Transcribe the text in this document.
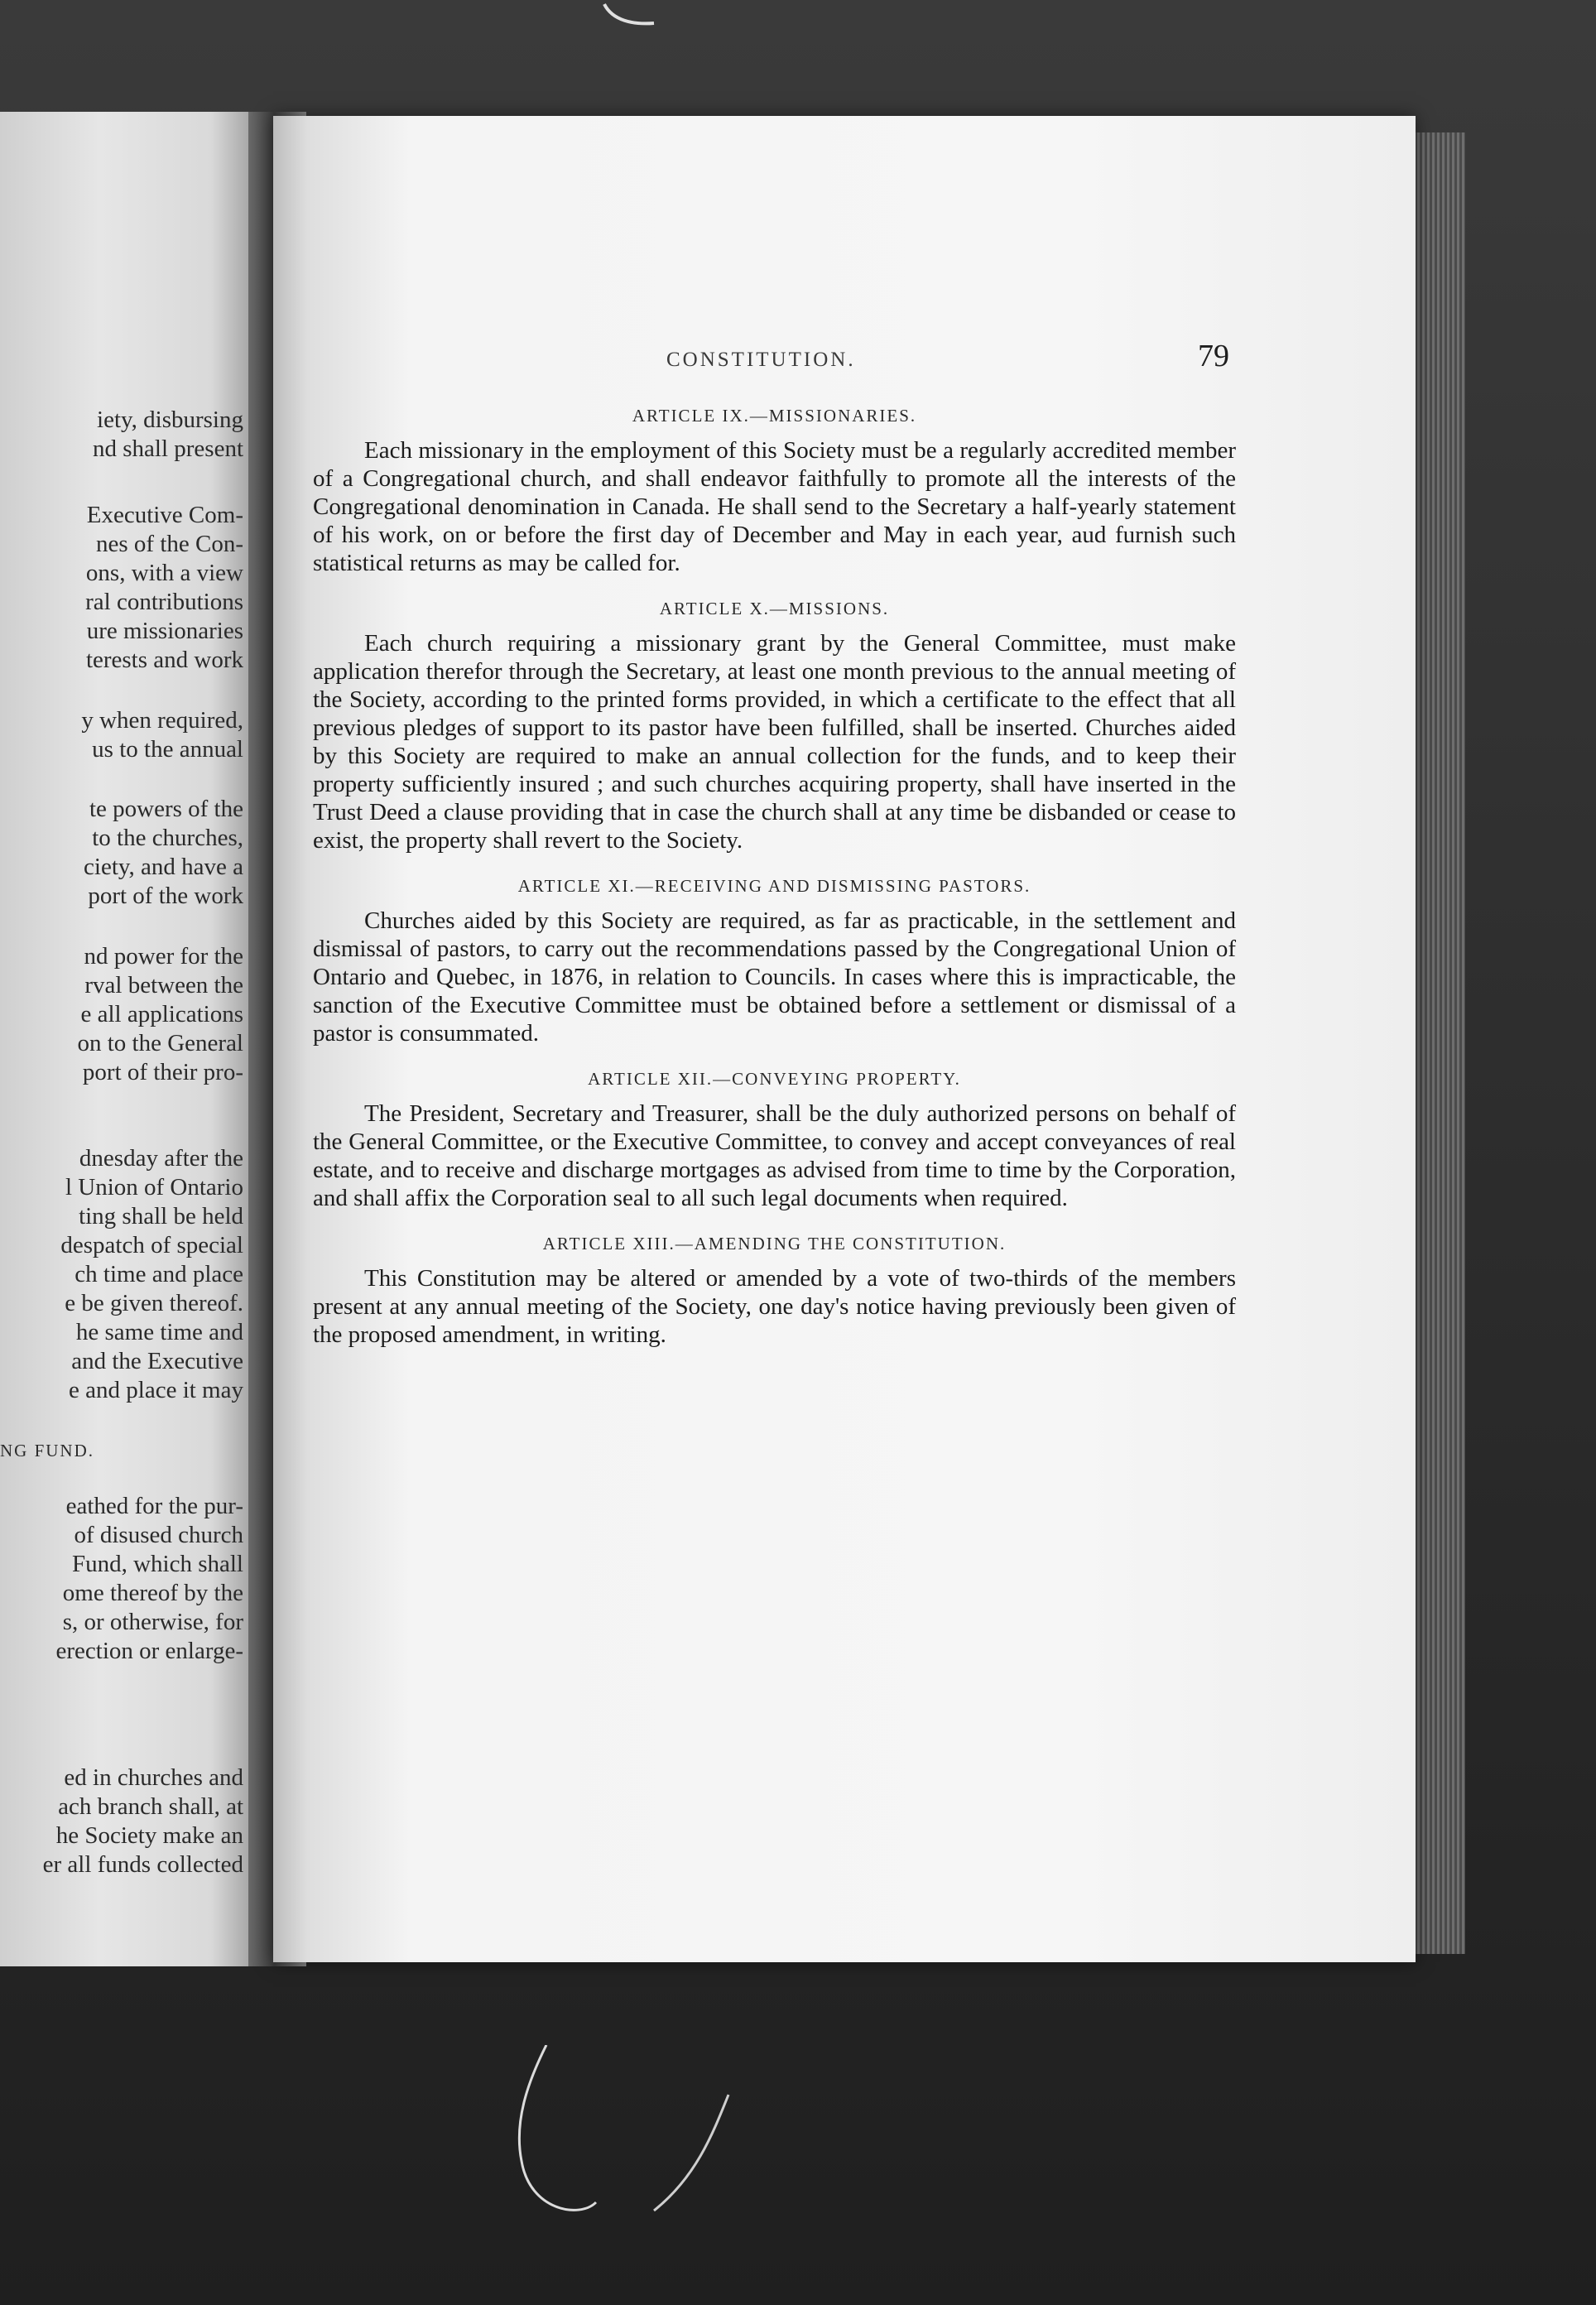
iety, disbursing
nd shall present
Executive Com-
nes of the Con-
ons, with a view
ral contributions
ure missionaries
terests and work
y when required,
us to the annual
te powers of the
to the churches,
ciety, and have a
port of the work
nd power for the
rval between the
e all applications
on to the General
port of their pro-
dnesday after the
l Union of Ontario
ting shall be held
despatch of special
ch time and place
e be given thereof.
he same time and
and the Executive
e and place it may
NG FUND.
eathed for the pur-
of disused church
Fund, which shall
ome thereof by the
s, or otherwise, for
erection or enlarge-
ed in churches and
ach branch shall, at
he Society make an
er all funds collected
CONSTITUTION.	79
ARTICLE IX.—MISSIONARIES.

Each missionary in the employment of this Society must be a regularly accredited member of a Congregational church, and shall endeavor faithfully to promote all the interests of the Congregational denomination in Canada. He shall send to the Secretary a half-yearly statement of his work, on or before the first day of December and May in each year, aud furnish such statistical returns as may be called for.

ARTICLE X.—MISSIONS.

Each church requiring a missionary grant by the General Committee, must make application therefor through the Secretary, at least one month previous to the annual meeting of the Society, according to the printed forms provided, in which a certificate to the effect that all previous pledges of support to its pastor have been fulfilled, shall be inserted. Churches aided by this Society are required to make an annual collection for the funds, and to keep their property sufficiently insured ; and such churches acquiring property, shall have inserted in the Trust Deed a clause providing that in case the church shall at any time be disbanded or cease to exist, the property shall revert to the Society.

ARTICLE XI.—RECEIVING AND DISMISSING PASTORS.

Churches aided by this Society are required, as far as practicable, in the settlement and dismissal of pastors, to carry out the recommendations passed by the Congregational Union of Ontario and Quebec, in 1876, in relation to Councils. In cases where this is impracticable, the sanction of the Executive Committee must be obtained before a settlement or dismissal of a pastor is consummated.

ARTICLE XII.—CONVEYING PROPERTY.

The President, Secretary and Treasurer, shall be the duly authorized persons on behalf of the General Committee, or the Executive Committee, to convey and accept conveyances of real estate, and to receive and discharge mortgages as advised from time to time by the Corporation, and shall affix the Corporation seal to all such legal documents when required.

ARTICLE XIII.—AMENDING THE CONSTITUTION.

This Constitution may be altered or amended by a vote of two-thirds of the members present at any annual meeting of the Society, one day's notice having previously been given of the proposed amendment, in writing.
